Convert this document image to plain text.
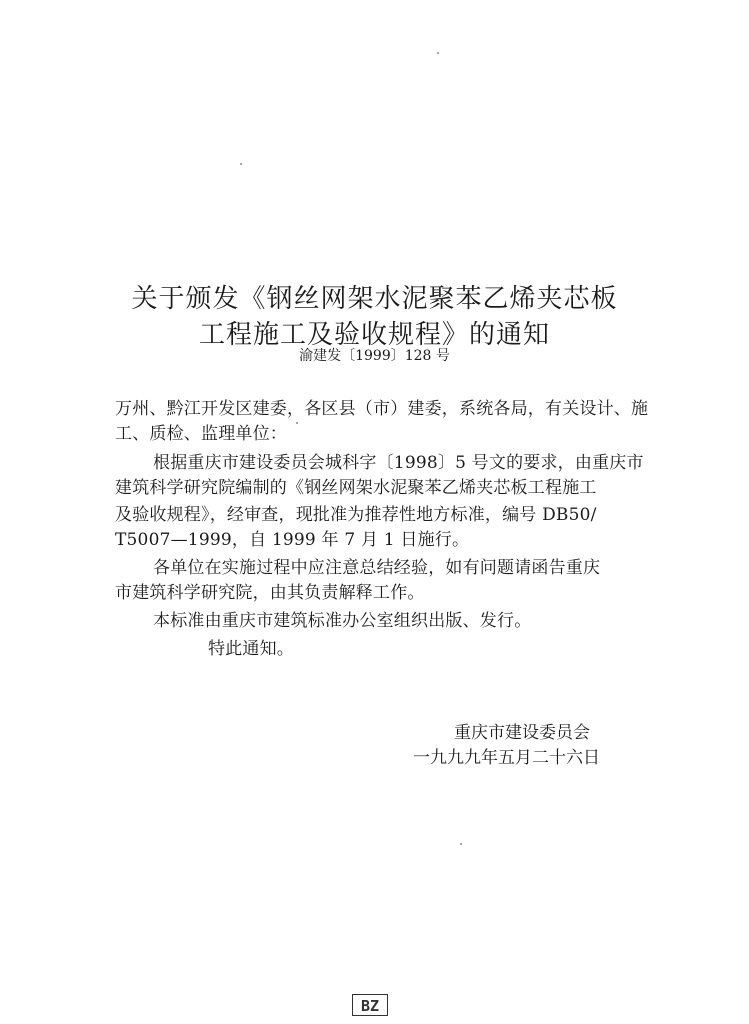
关于颁发《钢丝网架水泥聚苯乙烯夹芯板
工程施工及验收规程》的通知
渝建发〔1999〕128 号
万州、黔江开发区建委，各区县（市）建委，系统各局，有关设计、施
工、质检、监理单位：
根据重庆市建设委员会城科字〔1998〕5 号文的要求，由重庆市
建筑科学研究院编制的《钢丝网架水泥聚苯乙烯夹芯板工程施工
及验收规程》，经审查，现批准为推荐性地方标准，编号 DB50/
T5007—1999，自 1999 年 7 月 1 日施行。
各单位在实施过程中应注意总结经验，如有问题请函告重庆
市建筑科学研究院，由其负责解释工作。
本标准由重庆市建筑标准办公室组织出版、发行。
特此通知。
重庆市建设委员会
一九九九年五月二十六日
BZ
